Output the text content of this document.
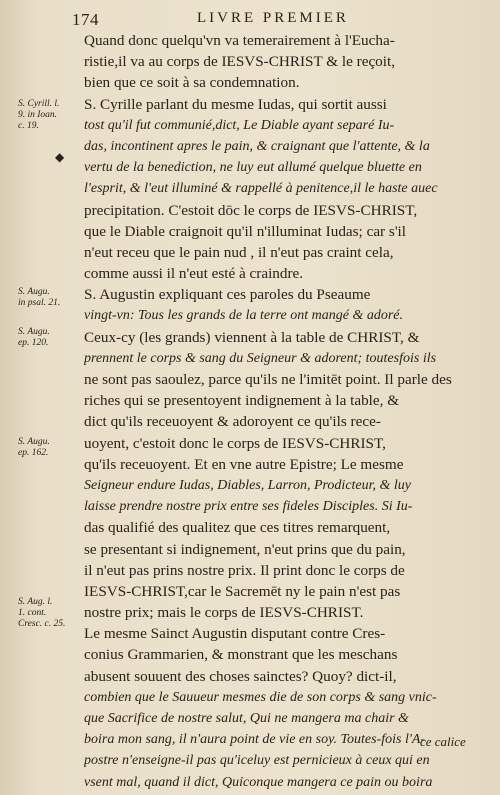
174	LIVRE PREMIER
S. Cyrill. l.
9. in Ioan.
c. 19.
S. Augu.
in psal. 21.
S. Augu.
ep. 120.
S. Augu.
ep. 162.
S. Aug. l.
1. cont.
Cresc. c. 25.
◆
Quand donc quelqu'vn va temerairement à l'Eucha-
ristie,il va au corps de IESVS-CHRIST & le reçoit,
bien que ce soit à sa condemnation.
S. Cyrille parlant du mesme Iudas, qui sortit aussi
tost qu'il fut communié,dict, Le Diable ayant separé Iu-
das, incontinent apres le pain, & craignant que l'attente, & la
vertu de la benediction, ne luy eut allumé quelque bluette en
l'esprit, & l'eut illuminé & rappellé à penitence,il le haste auec
precipitation. C'estoit dōc le corps de IESVS-CHRIST,
que le Diable craignoit qu'il n'illuminat Iudas; car s'il
n'eut receu que le pain nud , il n'eut pas craint cela,
comme aussi il n'eut esté à craindre.
S. Augustin expliquant ces paroles du Pseaume
vingt-vn: Tous les grands de la terre ont mangé & adoré.
Ceux-cy (les grands) viennent à la table de CHRIST, &
prennent le corps & sang du Seigneur & adorent; toutesfois ils
ne sont pas saoulez, parce qu'ils ne l'imitēt point. Il parle des
riches qui se presentoyent indignement à la table, &
dict qu'ils receuoyent & adoroyent ce qu'ils rece-
uoyent, c'estoit donc le corps de IESVS-CHRIST,
qu'ils receuoyent. Et en vne autre Epistre; Le mesme
Seigneur endure Iudas, Diables, Larron, Prodicteur, & luy
laisse prendre nostre prix entre ses fideles Disciples. Si Iu-
das qualifié des qualitez que ces titres remarquent,
se presentant si indignement, n'eut prins que du pain,
il n'eut pas prins nostre prix. Il print donc le corps de
IESVS-CHRIST,car le Sacremēt ny le pain n'est pas
nostre prix; mais le corps de IESVS-CHRIST.
Le mesme Sainct Augustin disputant contre Cres-
conius Grammarien, & monstrant que les meschans
abusent souuent des choses sainctes? Quoy? dict-il,
combien que le Sauueur mesmes die de son corps & sang vnic-
que Sacrifice de nostre salut, Qui ne mangera ma chair &
boira mon sang, il n'aura point de vie en soy. Toutes-fois l'A-
postre n'enseigne-il pas qu'iceluy est pernicieux à ceux qui en
vsent mal, quand il dict, Quiconque mangera ce pain ou boira
ce calice
